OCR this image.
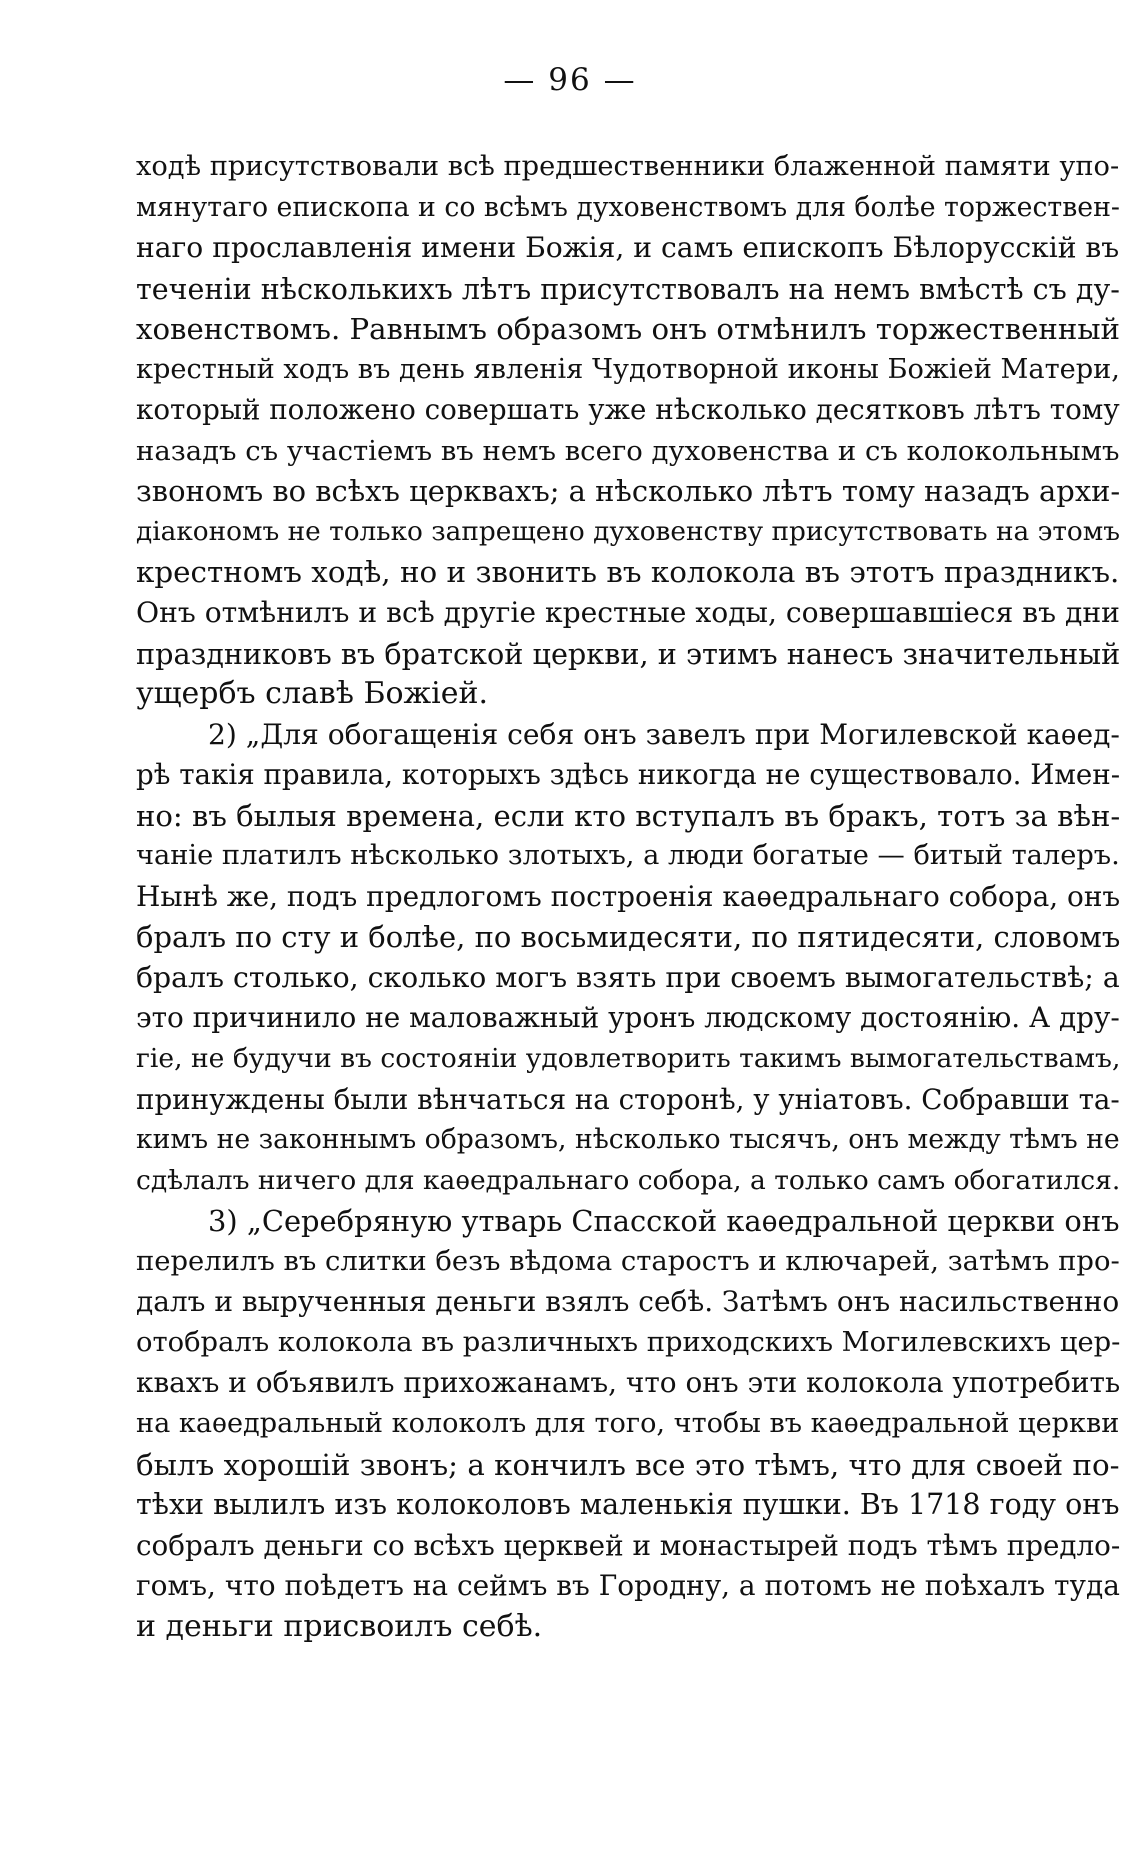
— 96 —
ходѣ присутствовали всѣ предшественники блаженной памяти упо-
мянутаго епископа и со всѣмъ духовенствомъ для болѣе торжествен-
наго прославленія имени Божія, и самъ епископъ Бѣлорусскій въ
теченіи нѣсколькихъ лѣтъ присутствовалъ на немъ вмѣстѣ съ ду-
ховенствомъ. Равнымъ образомъ онъ отмѣнилъ торжественный
крестный ходъ въ день явленія Чудотворной иконы Божіей Матери,
который положено совершать уже нѣсколько десятковъ лѣтъ тому
назадъ съ участіемъ въ немъ всего духовенства и съ колокольнымъ
звономъ во всѣхъ церквахъ; а нѣсколько лѣтъ тому назадъ архи-
діакономъ не только запрещено духовенству присутствовать на этомъ
крестномъ ходѣ, но и звонить въ колокола въ этотъ праздникъ.
Онъ отмѣнилъ и всѣ другіе крестные ходы, совершавшіеся въ дни
праздниковъ въ братской церкви, и этимъ нанесъ значительный
ущербъ славѣ Божіей.
2) „Для обогащенія себя онъ завелъ при Могилевской каѳед-
рѣ такія правила, которыхъ здѣсь никогда не существовало. Имен-
но: въ былыя времена, если кто вступалъ въ бракъ, тотъ за вѣн-
чаніе платилъ нѣсколько злотыхъ, а люди богатые — битый талеръ.
Нынѣ же, подъ предлогомъ построенія каѳедральнаго собора, онъ
бралъ по сту и болѣе, по восьмидесяти, по пятидесяти, словомъ
бралъ столько, сколько могъ взять при своемъ вымогательствѣ; а
это причинило не маловажный уронъ людскому достоянію. А дру-
гіе, не будучи въ состояніи удовлетворить такимъ вымогательствамъ,
принуждены были вѣнчаться на сторонѣ, у уніатовъ. Собравши та-
кимъ не законнымъ образомъ, нѣсколько тысячъ, онъ между тѣмъ не
сдѣлалъ ничего для каѳедральнаго собора, а только самъ обогатился.
3) „Серебряную утварь Спасской каѳедральной церкви онъ
перелилъ въ слитки безъ вѣдома старостъ и ключарей, затѣмъ про-
далъ и вырученныя деньги взялъ себѣ. Затѣмъ онъ насильственно
отобралъ колокола въ различныхъ приходскихъ Могилевскихъ цер-
квахъ и объявилъ прихожанамъ, что онъ эти колокола употребить
на каѳедральный колоколъ для того, чтобы въ каѳедральной церкви
былъ хорошій звонъ; а кончилъ все это тѣмъ, что для своей по-
тѣхи вылилъ изъ колоколовъ маленькія пушки. Въ 1718 году онъ
собралъ деньги со всѣхъ церквей и монастырей подъ тѣмъ предло-
гомъ, что поѣдетъ на сеймъ въ Городну, а потомъ не поѣхалъ туда
и деньги присвоилъ себѣ.
